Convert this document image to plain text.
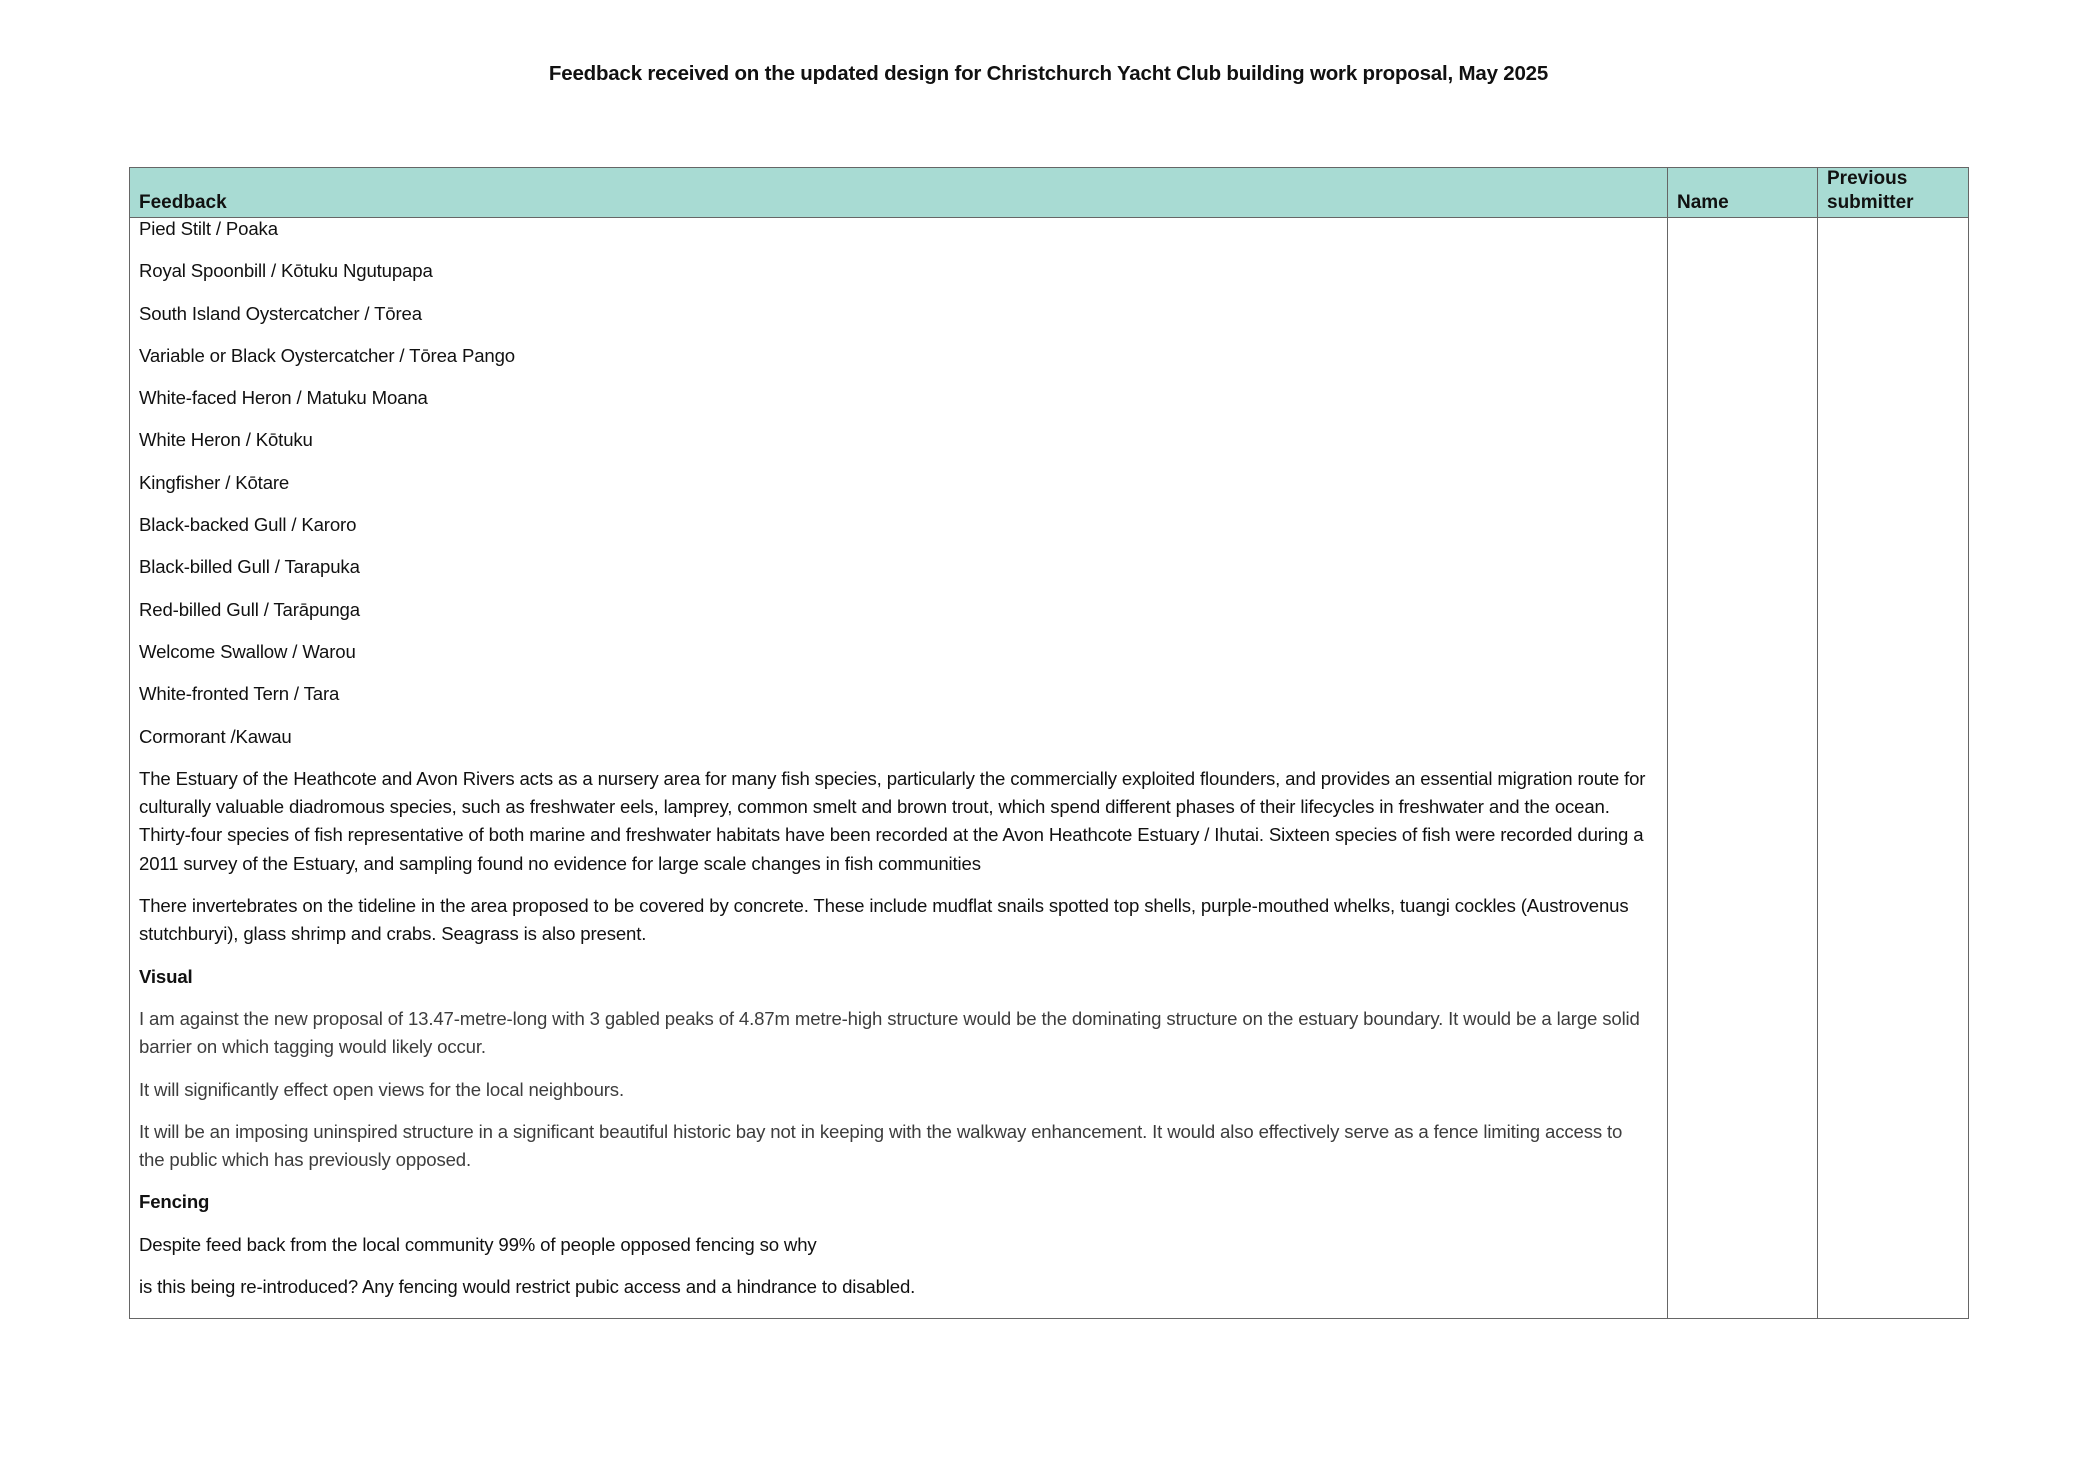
Feedback received on the updated design for Christchurch Yacht Club building work proposal, May 2025
Feedback	Name
Previous submitter

Pied Stilt / Poaka

Royal Spoonbill / Kōtuku Ngutupapa

South Island Oystercatcher / Tōrea

Variable or Black Oystercatcher / Tōrea Pango

White-faced Heron / Matuku Moana

White Heron / Kōtuku

Kingfisher / Kōtare

Black-backed Gull / Karoro

Black-billed Gull / Tarapuka

Red-billed Gull / Tarāpunga

Welcome Swallow / Warou

White-fronted Tern / Tara

Cormorant /Kawau

The Estuary of the Heathcote and Avon Rivers acts as a nursery area for many fish species, particularly the commercially exploited flounders, and provides an essential migration route for culturally valuable diadromous species, such as freshwater eels, lamprey, common smelt and brown trout, which spend different phases of their lifecycles in freshwater and the ocean. Thirty-four species of fish representative of both marine and freshwater habitats have been recorded at the Avon Heathcote Estuary / Ihutai. Sixteen species of fish were recorded during a 2011 survey of the Estuary, and sampling found no evidence for large scale changes in fish communities

There invertebrates on the tideline in the area proposed to be covered by concrete. These include mudflat snails spotted top shells, purple-mouthed whelks, tuangi cockles (Austrovenus stutchburyi), glass shrimp and crabs. Seagrass is also present.

Visual

I am against the new proposal of 13.47-metre-long with 3 gabled peaks of 4.87m metre-high structure would be the dominating structure on the estuary boundary. It would be a large solid barrier on which tagging would likely occur.

It will significantly effect open views for the local neighbours.

It will be an imposing uninspired structure in a significant beautiful historic bay not in keeping with the walkway enhancement. It would also effectively serve as a fence limiting access to the public which has previously opposed.

Fencing

Despite feed back from the local community 99% of people opposed fencing so why

is this being re-introduced? Any fencing would restrict pubic access and a hindrance to disabled.
